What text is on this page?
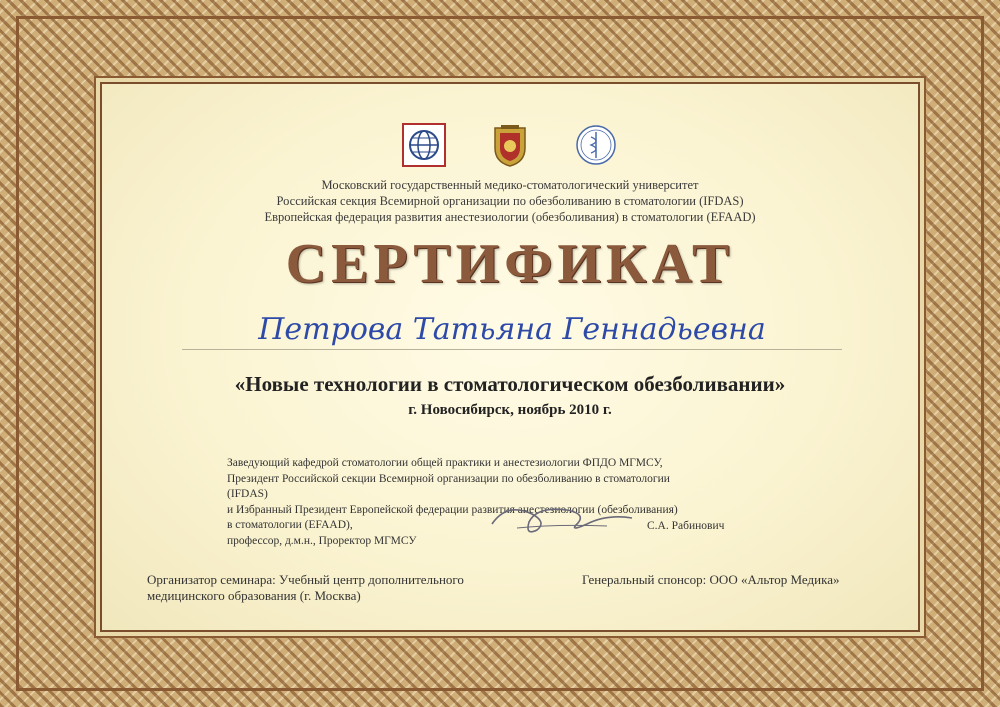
Московский государственный медико-стоматологический университет
Российская секция Всемирной организации по обезболиванию в стоматологии (IFDAS)
Европейская федерация развития анестезиологии (обезболивания) в стоматологии (EFAAD)
СЕРТИФИКАТ
Петрова Татьяна Геннадьевна
«Новые технологии в стоматологическом обезболивании»
г. Новосибирск, ноябрь 2010 г.
Заведующий кафедрой стоматологии общей практики и анестезиологии ФПДО МГМСУ,
Президент Российской секции Всемирной организации по обезболиванию в стоматологии (IFDAS)
и Избранный Президент Европейской федерации развития анестезиологии (обезболивания)
в стоматологии (EFAAD),
профессор, д.м.н., Проректор МГМСУ
С.А. Рабинович
Организатор семинара: Учебный центр дополнительного
медицинского образования (г. Москва)
Генеральный спонсор: ООО «Альтор Медика»
